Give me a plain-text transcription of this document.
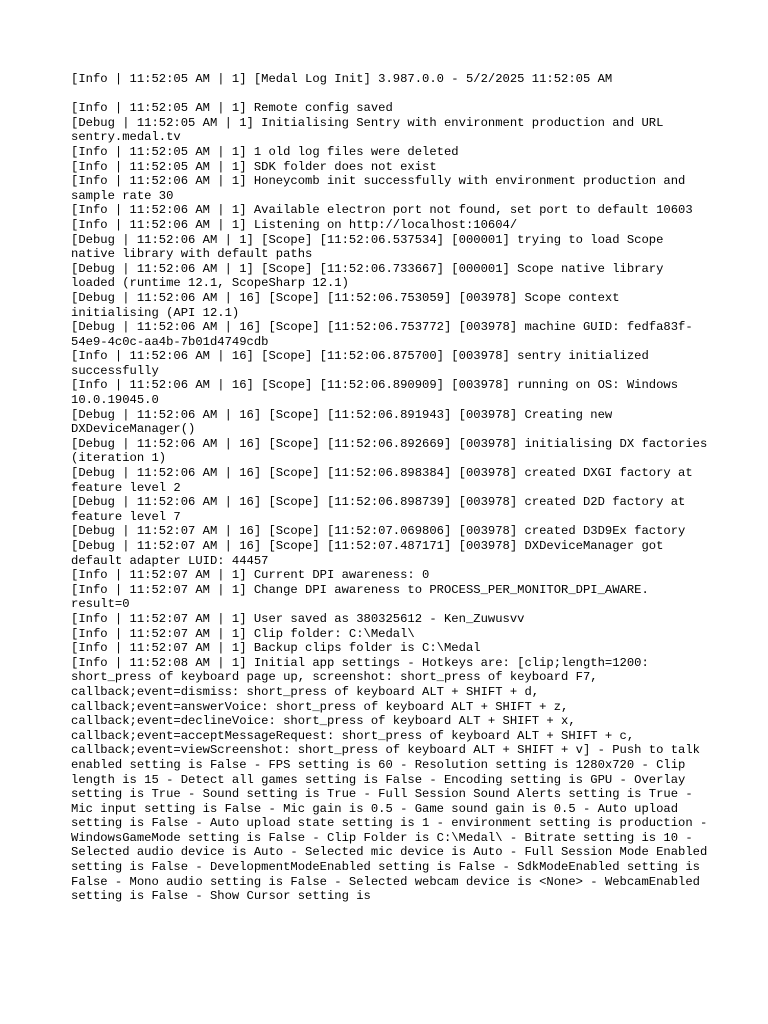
[Info | 11:52:05 AM | 1] [Medal Log Init] 3.987.0.0 - 5/2/2025 11:52:05 AM

[Info | 11:52:05 AM | 1] Remote config saved

[Debug | 11:52:05 AM | 1] Initialising Sentry with environment production and URL sentry.medal.tv

[Info | 11:52:05 AM | 1] 1 old log files were deleted

[Info | 11:52:05 AM | 1] SDK folder does not exist

[Info | 11:52:06 AM | 1] Honeycomb init successfully with environment production and sample rate 30

[Info | 11:52:06 AM | 1] Available electron port not found, set port to default 10603

[Info | 11:52:06 AM | 1] Listening on http://localhost:10604/

[Debug | 11:52:06 AM | 1] [Scope] [11:52:06.537534] [000001] trying to load Scope native library with default paths

[Debug | 11:52:06 AM | 1] [Scope] [11:52:06.733667] [000001] Scope native library loaded (runtime 12.1, ScopeSharp 12.1)

[Debug | 11:52:06 AM | 16] [Scope] [11:52:06.753059] [003978] Scope context initialising (API 12.1)

[Debug | 11:52:06 AM | 16] [Scope] [11:52:06.753772] [003978] machine GUID: fedfa83f-54e9-4c0c-aa4b-7b01d4749cdb

[Info | 11:52:06 AM | 16] [Scope] [11:52:06.875700] [003978] sentry initialized successfully

[Info | 11:52:06 AM | 16] [Scope] [11:52:06.890909] [003978] running on OS: Windows 10.0.19045.0

[Debug | 11:52:06 AM | 16] [Scope] [11:52:06.891943] [003978] Creating new DXDeviceManager()

[Debug | 11:52:06 AM | 16] [Scope] [11:52:06.892669] [003978] initialising DX factories (iteration 1)

[Debug | 11:52:06 AM | 16] [Scope] [11:52:06.898384] [003978] created DXGI factory at feature level 2

[Debug | 11:52:06 AM | 16] [Scope] [11:52:06.898739] [003978] created D2D factory at feature level 7

[Debug | 11:52:07 AM | 16] [Scope] [11:52:07.069806] [003978] created D3D9Ex factory

[Debug | 11:52:07 AM | 16] [Scope] [11:52:07.487171] [003978] DXDeviceManager got default adapter LUID: 44457

[Info | 11:52:07 AM | 1] Current DPI awareness: 0

[Info | 11:52:07 AM | 1] Change DPI awareness to PROCESS_PER_MONITOR_DPI_AWARE. result=0

[Info | 11:52:07 AM | 1] User saved as 380325612 - Ken_Zuwusvv

[Info | 11:52:07 AM | 1] Clip folder: C:\Medal\

[Info | 11:52:07 AM | 1] Backup clips folder is C:\Medal

[Info | 11:52:08 AM | 1] Initial app settings - Hotkeys are: [clip;length=1200: short_press of keyboard page up, screenshot: short_press of keyboard F7, callback;event=dismiss: short_press of keyboard ALT + SHIFT + d, callback;event=answerVoice: short_press of keyboard ALT + SHIFT + z, callback;event=declineVoice: short_press of keyboard ALT + SHIFT + x, callback;event=acceptMessageRequest: short_press of keyboard ALT + SHIFT + c, callback;event=viewScreenshot: short_press of keyboard ALT + SHIFT + v] - Push to talk enabled setting is False - FPS setting is 60 - Resolution setting is 1280x720 - Clip length is 15 - Detect all games setting is False - Encoding setting is GPU - Overlay setting is True - Sound setting is True - Full Session Sound Alerts setting is True - Mic input setting is False - Mic gain is 0.5 - Game sound gain is 0.5 - Auto upload setting is False - Auto upload state setting is 1 - environment setting is production - WindowsGameMode setting is False - Clip Folder is C:\Medal\ - Bitrate setting is 10 - Selected audio device is Auto - Selected mic device is Auto - Full Session Mode Enabled setting is False - DevelopmentModeEnabled setting is False - SdkModeEnabled setting is False - Mono audio setting is False - Selected webcam device is <None> - WebcamEnabled setting is False - Show Cursor setting is
